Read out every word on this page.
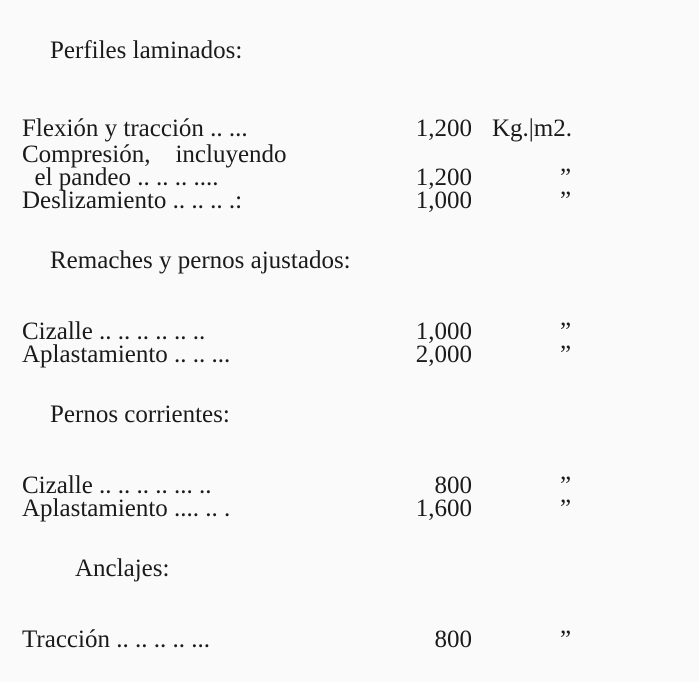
Perfiles laminados:
Flexión y tracción .. ...	1,200 Kg.|m2.
Compresión,    incluyendo
el pandeo .. .. .. ....	1,200	”
Deslizamiento .. .. .. .:	1,000	”
Remaches y pernos ajustados:
Cizalle .. .. .. .. .. ..	1,000	”
Aplastamiento .. .. ...	2,000	”
Pernos corrientes:
Cizalle .. .. .. .. ... ..	800	”
Aplastamiento .... .. .	1,600	”
Anclajes:
Tracción .. .. .. .. ...	800	”
